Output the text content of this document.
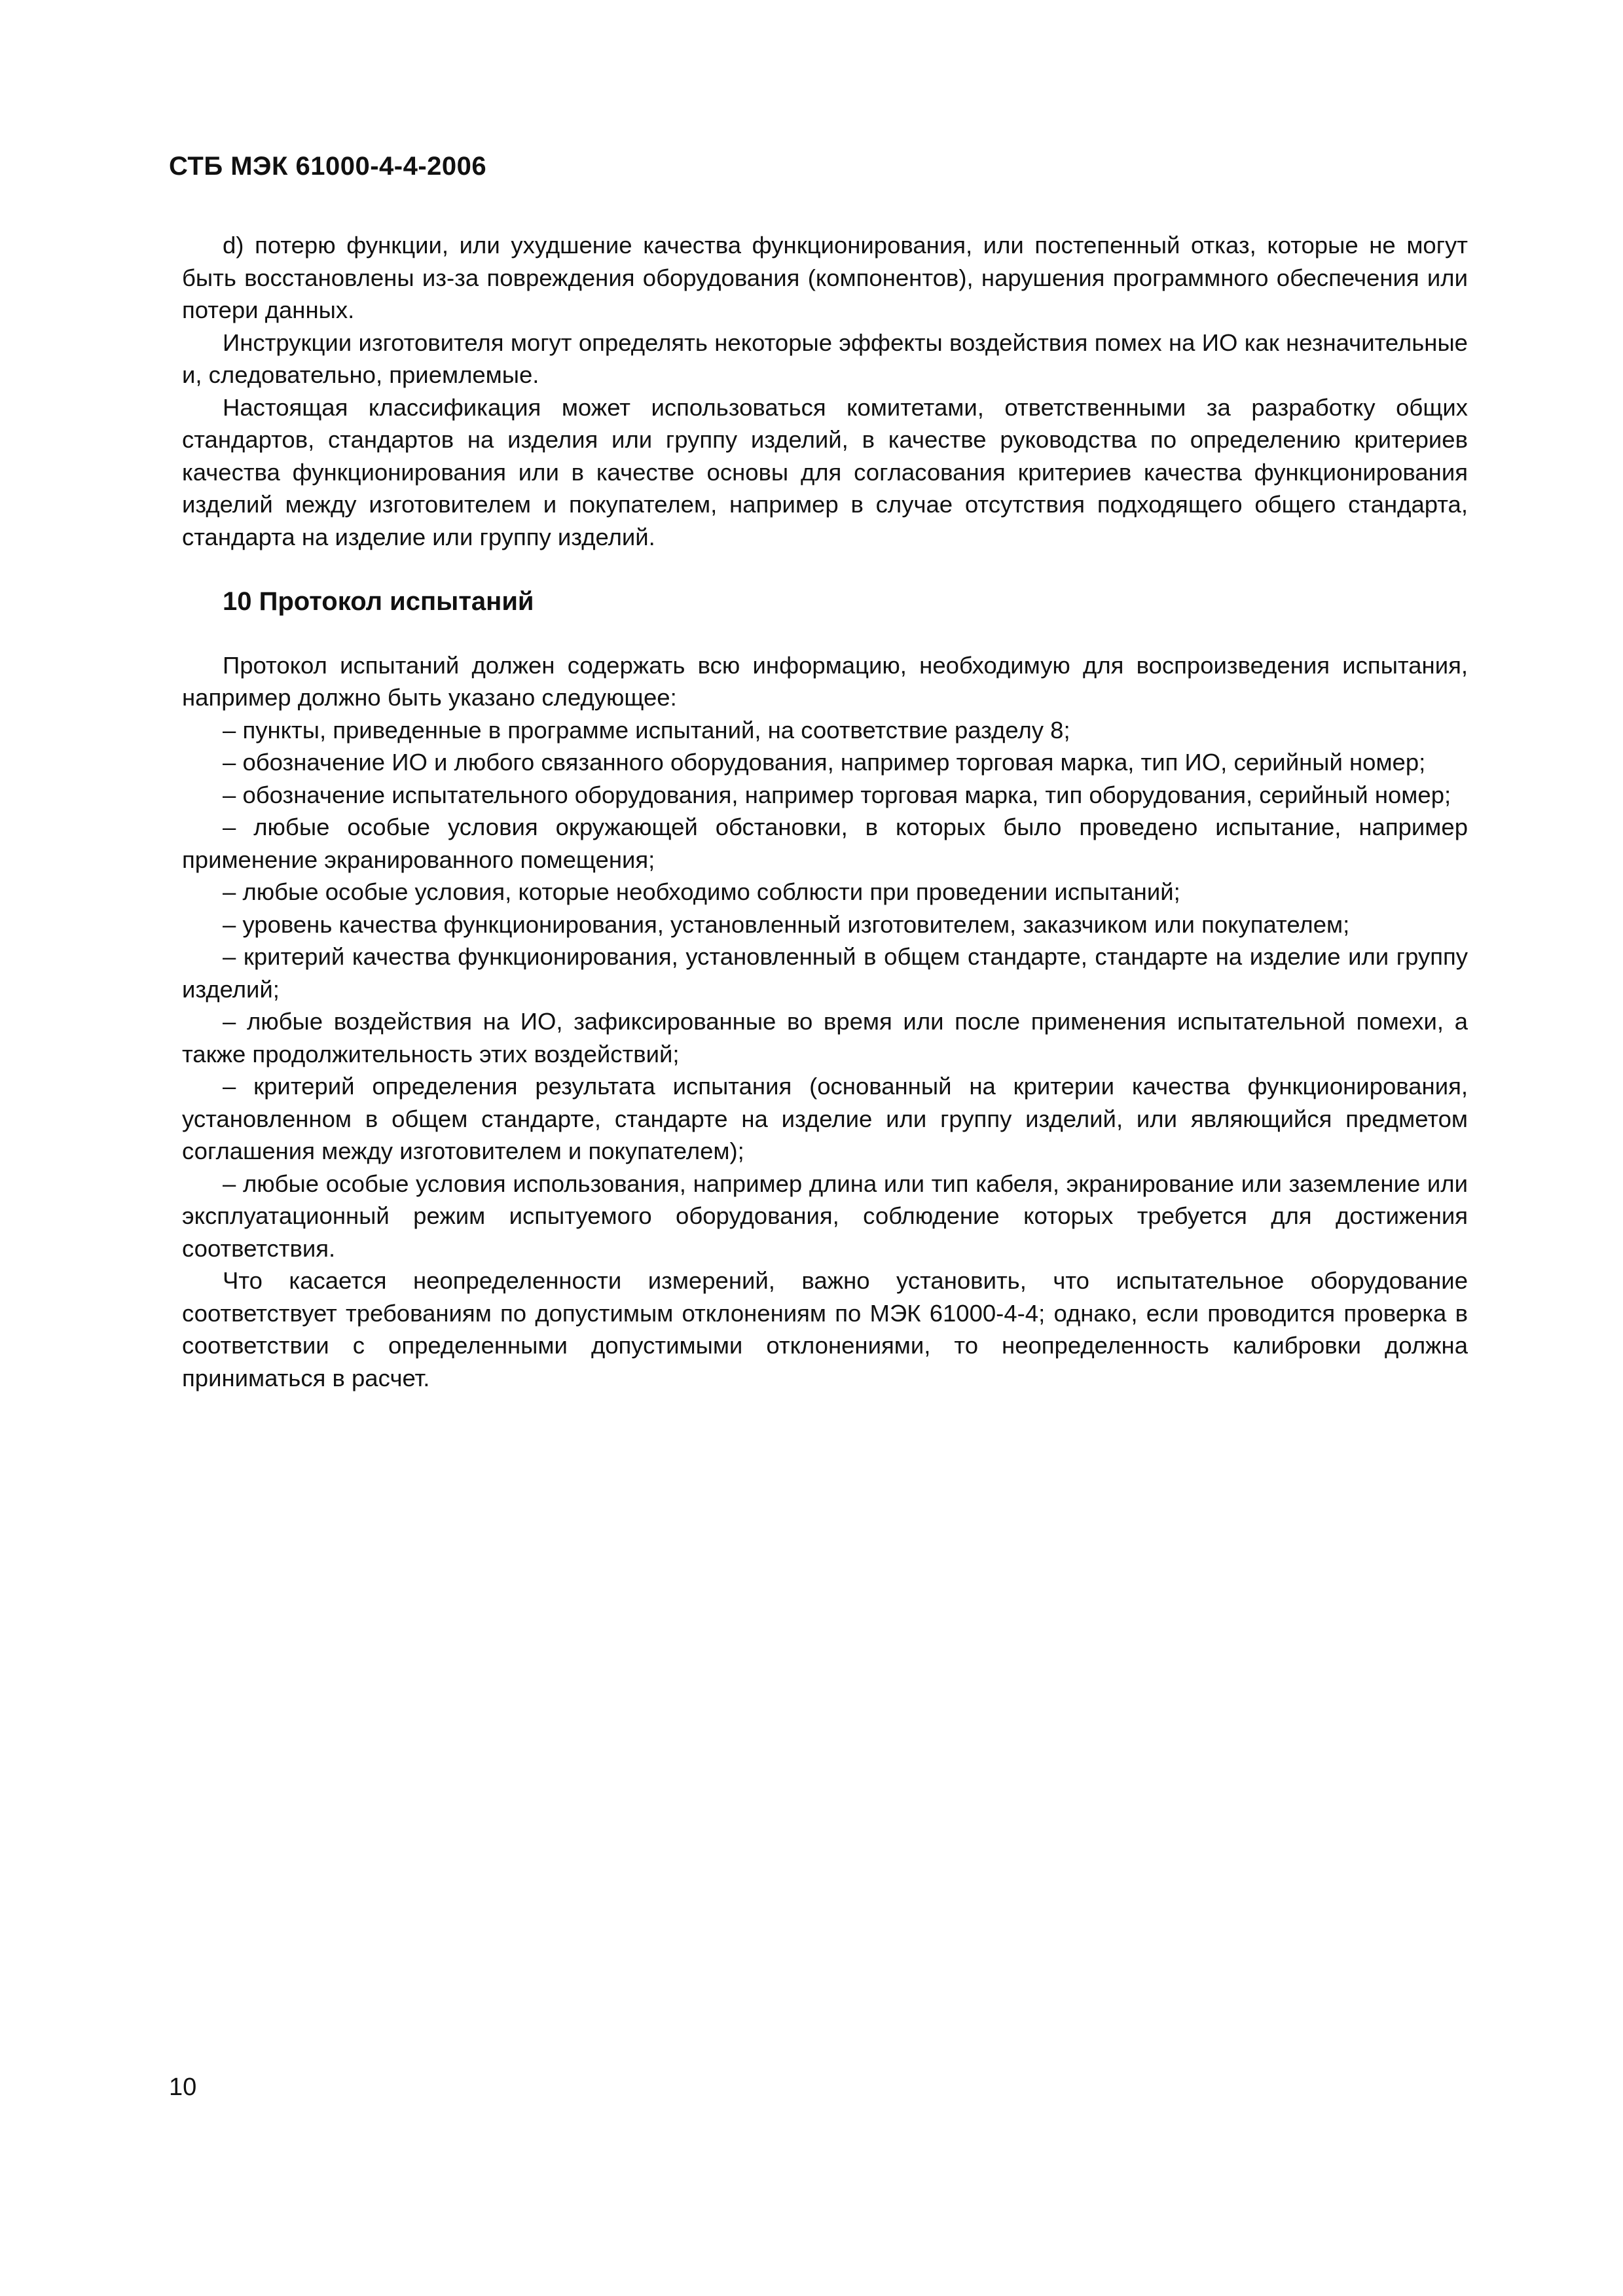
СТБ МЭК 61000-4-4-2006

d) потерю функции, или ухудшение качества функционирования, или постепенный отказ, которые не могут быть восстановлены из-за повреждения оборудования (компонентов), нарушения программного обеспечения или потери данных.

Инструкции изготовителя могут определять некоторые эффекты воздействия помех на ИО как незначительные и, следовательно, приемлемые.

Настоящая классификация может использоваться комитетами, ответственными за разработку общих стандартов, стандартов на изделия или группу изделий, в качестве руководства по определению критериев качества функционирования или в качестве основы для согласования критериев качества функционирования изделий между изготовителем и покупателем, например в случае отсутствия подходящего общего стандарта, стандарта на изделие или группу изделий.

10 Протокол испытаний

Протокол испытаний должен содержать всю информацию, необходимую для воспроизведения испытания, например должно быть указано следующее:

– пункты, приведенные в программе испытаний, на соответствие разделу 8;

– обозначение ИО и любого связанного оборудования, например торговая марка, тип ИО, серийный номер;

– обозначение испытательного оборудования, например торговая марка, тип оборудования, серийный номер;

– любые особые условия окружающей обстановки, в которых было проведено испытание, например применение экранированного помещения;

– любые особые условия, которые необходимо соблюсти при проведении испытаний;

– уровень качества функционирования, установленный изготовителем, заказчиком или покупателем;

– критерий качества функционирования, установленный в общем стандарте, стандарте на изделие или группу изделий;

– любые воздействия на ИО, зафиксированные во время или после применения испытательной помехи, а также продолжительность этих воздействий;

– критерий определения результата испытания (основанный на критерии качества функционирования, установленном в общем стандарте, стандарте на изделие или группу изделий, или являющийся предметом соглашения между изготовителем и покупателем);

– любые особые условия использования, например длина или тип кабеля, экранирование или заземление или эксплуатационный режим испытуемого оборудования, соблюдение которых требуется для достижения соответствия.

Что касается неопределенности измерений, важно установить, что испытательное оборудование соответствует требованиям по допустимым отклонениям по МЭК 61000-4-4; однако, если проводится проверка в соответствии с определенными допустимыми отклонениями, то неопределенность калибровки должна приниматься в расчет.

10
